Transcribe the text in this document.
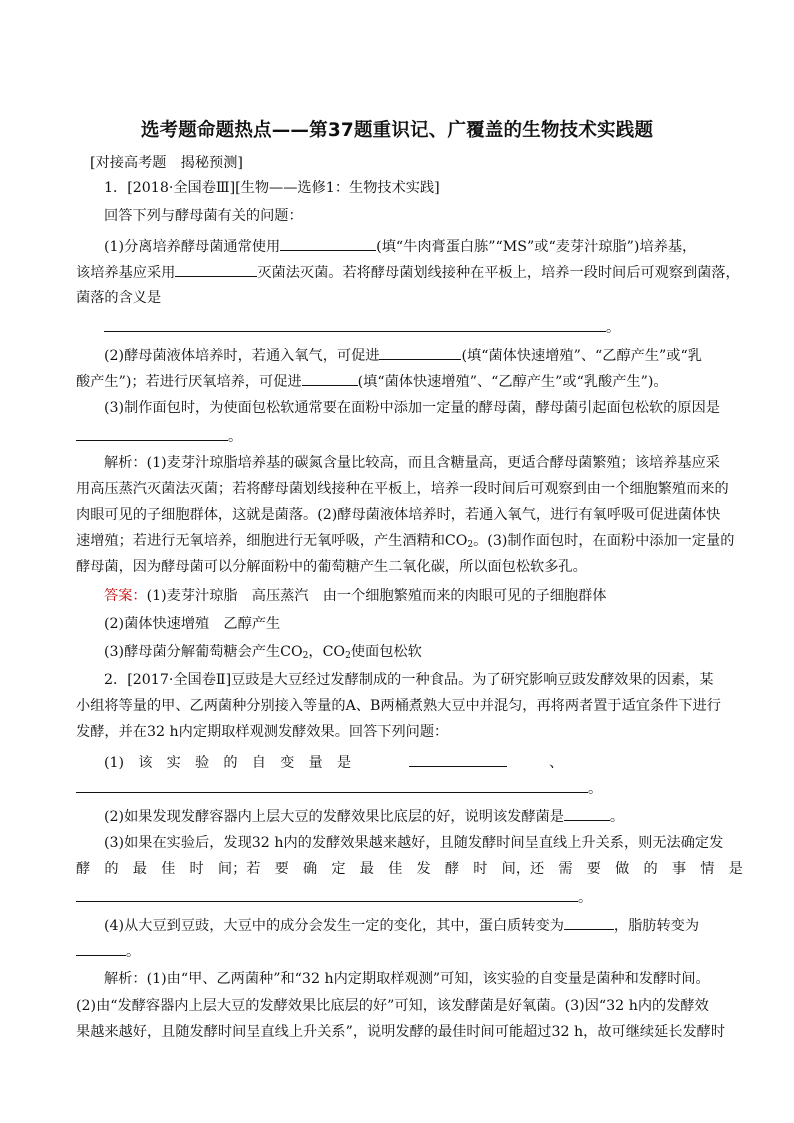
选考题命题热点——第37题重识记、广覆盖的生物技术实践题
[对接高考题　揭秘预测]
1．[2018·全国卷Ⅲ][生物——选修1：生物技术实践]
回答下列与酵母菌有关的问题：
(1)分离培养酵母菌通常使用	(填“牛肉膏蛋白胨”“MS”或“麦芽汁琼脂”)培养基，
该培养基应采用	灭菌法灭菌。若将酵母菌划线接种在平板上，培养一段时间后可观察到菌落，
菌落的含义是
。
(2)酵母菌液体培养时，若通入氧气，可促进	(填“菌体快速增殖”、“乙醇产生”或“乳
酸产生”)；若进行厌氧培养，可促进	(填“菌体快速增殖”、“乙醇产生”或“乳酸产生”)。
(3)制作面包时，为使面包松软通常要在面粉中添加一定量的酵母菌，酵母菌引起面包松软的原因是
。
解析：(1)麦芽汁琼脂培养基的碳氮含量比较高，而且含糖量高，更适合酵母菌繁殖；该培养基应采
用高压蒸汽灭菌法灭菌；若将酵母菌划线接种在平板上，培养一段时间后可观察到由一个细胞繁殖而来的
肉眼可见的子细胞群体，这就是菌落。(2)酵母菌液体培养时，若通入氧气，进行有氧呼吸可促进菌体快
速增殖；若进行无氧培养，细胞进行无氧呼吸，产生酒精和$CO_2$。(3)制作面包时，在面粉中添加一定量的
酵母菌，因为酵母菌可以分解面粉中的葡萄糖产生二氧化碳，所以面包松软多孔。
答案：(1)麦芽汁琼脂　高压蒸汽　由一个细胞繁殖而来的肉眼可见的子细胞群体
(2)菌体快速增殖　乙醇产生
(3)酵母菌分解葡萄糖会产生$CO_2$，$CO_2$使面包松软
2．[2017·全国卷Ⅱ]豆豉是大豆经过发酵制成的一种食品。为了研究影响豆豉发酵效果的因素，某
小组将等量的甲、乙两菌种分别接入等量的A、B两桶煮熟大豆中并混匀，再将两者置于适宜条件下进行
发酵，并在32 h内定期取样观测发酵效果。回答下列问题：
(1)　该　实　验　的　自　变　量　是	、
。
(2)如果发现发酵容器内上层大豆的发酵效果比底层的好，说明该发酵菌是	。
(3)如果在实验后，发现32 h内的发酵效果越来越好，且随发酵时间呈直线上升关系，则无法确定发
酵　的　最　佳　时　间；若　要　确　定　最　佳　发　酵　时　间，还　需　要　做　的　事　情　是
。
(4)从大豆到豆豉，大豆中的成分会发生一定的变化，其中，蛋白质转变为	，脂肪转变为
。
解析：(1)由“甲、乙两菌种”和“32 h内定期取样观测”可知，该实验的自变量是菌种和发酵时间。
(2)由“发酵容器内上层大豆的发酵效果比底层的好”可知，该发酵菌是好氧菌。(3)因“32 h内的发酵效
果越来越好，且随发酵时间呈直线上升关系”，说明发酵的最佳时间可能超过32 h，故可继续延长发酵时
